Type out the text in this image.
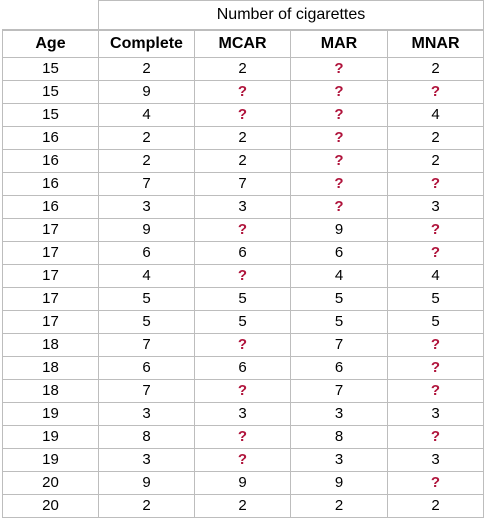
	Number of cigarettes			
Age	Complete	MCAR	MAR	MNAR
15	2	2	?	2
15	9	?	?	?
15	4	?	?	4
16	2	2	?	2
16	2	2	?	2
16	7	7	?	?
16	3	3	?	3
17	9	?	9	?
17	6	6	6	?
17	4	?	4	4
17	5	5	5	5
17	5	5	5	5
18	7	?	7	?
18	6	6	6	?
18	7	?	7	?
19	3	3	3	3
19	8	?	8	?
19	3	?	3	3
20	9	9	9	?
20	2	2	2	2
